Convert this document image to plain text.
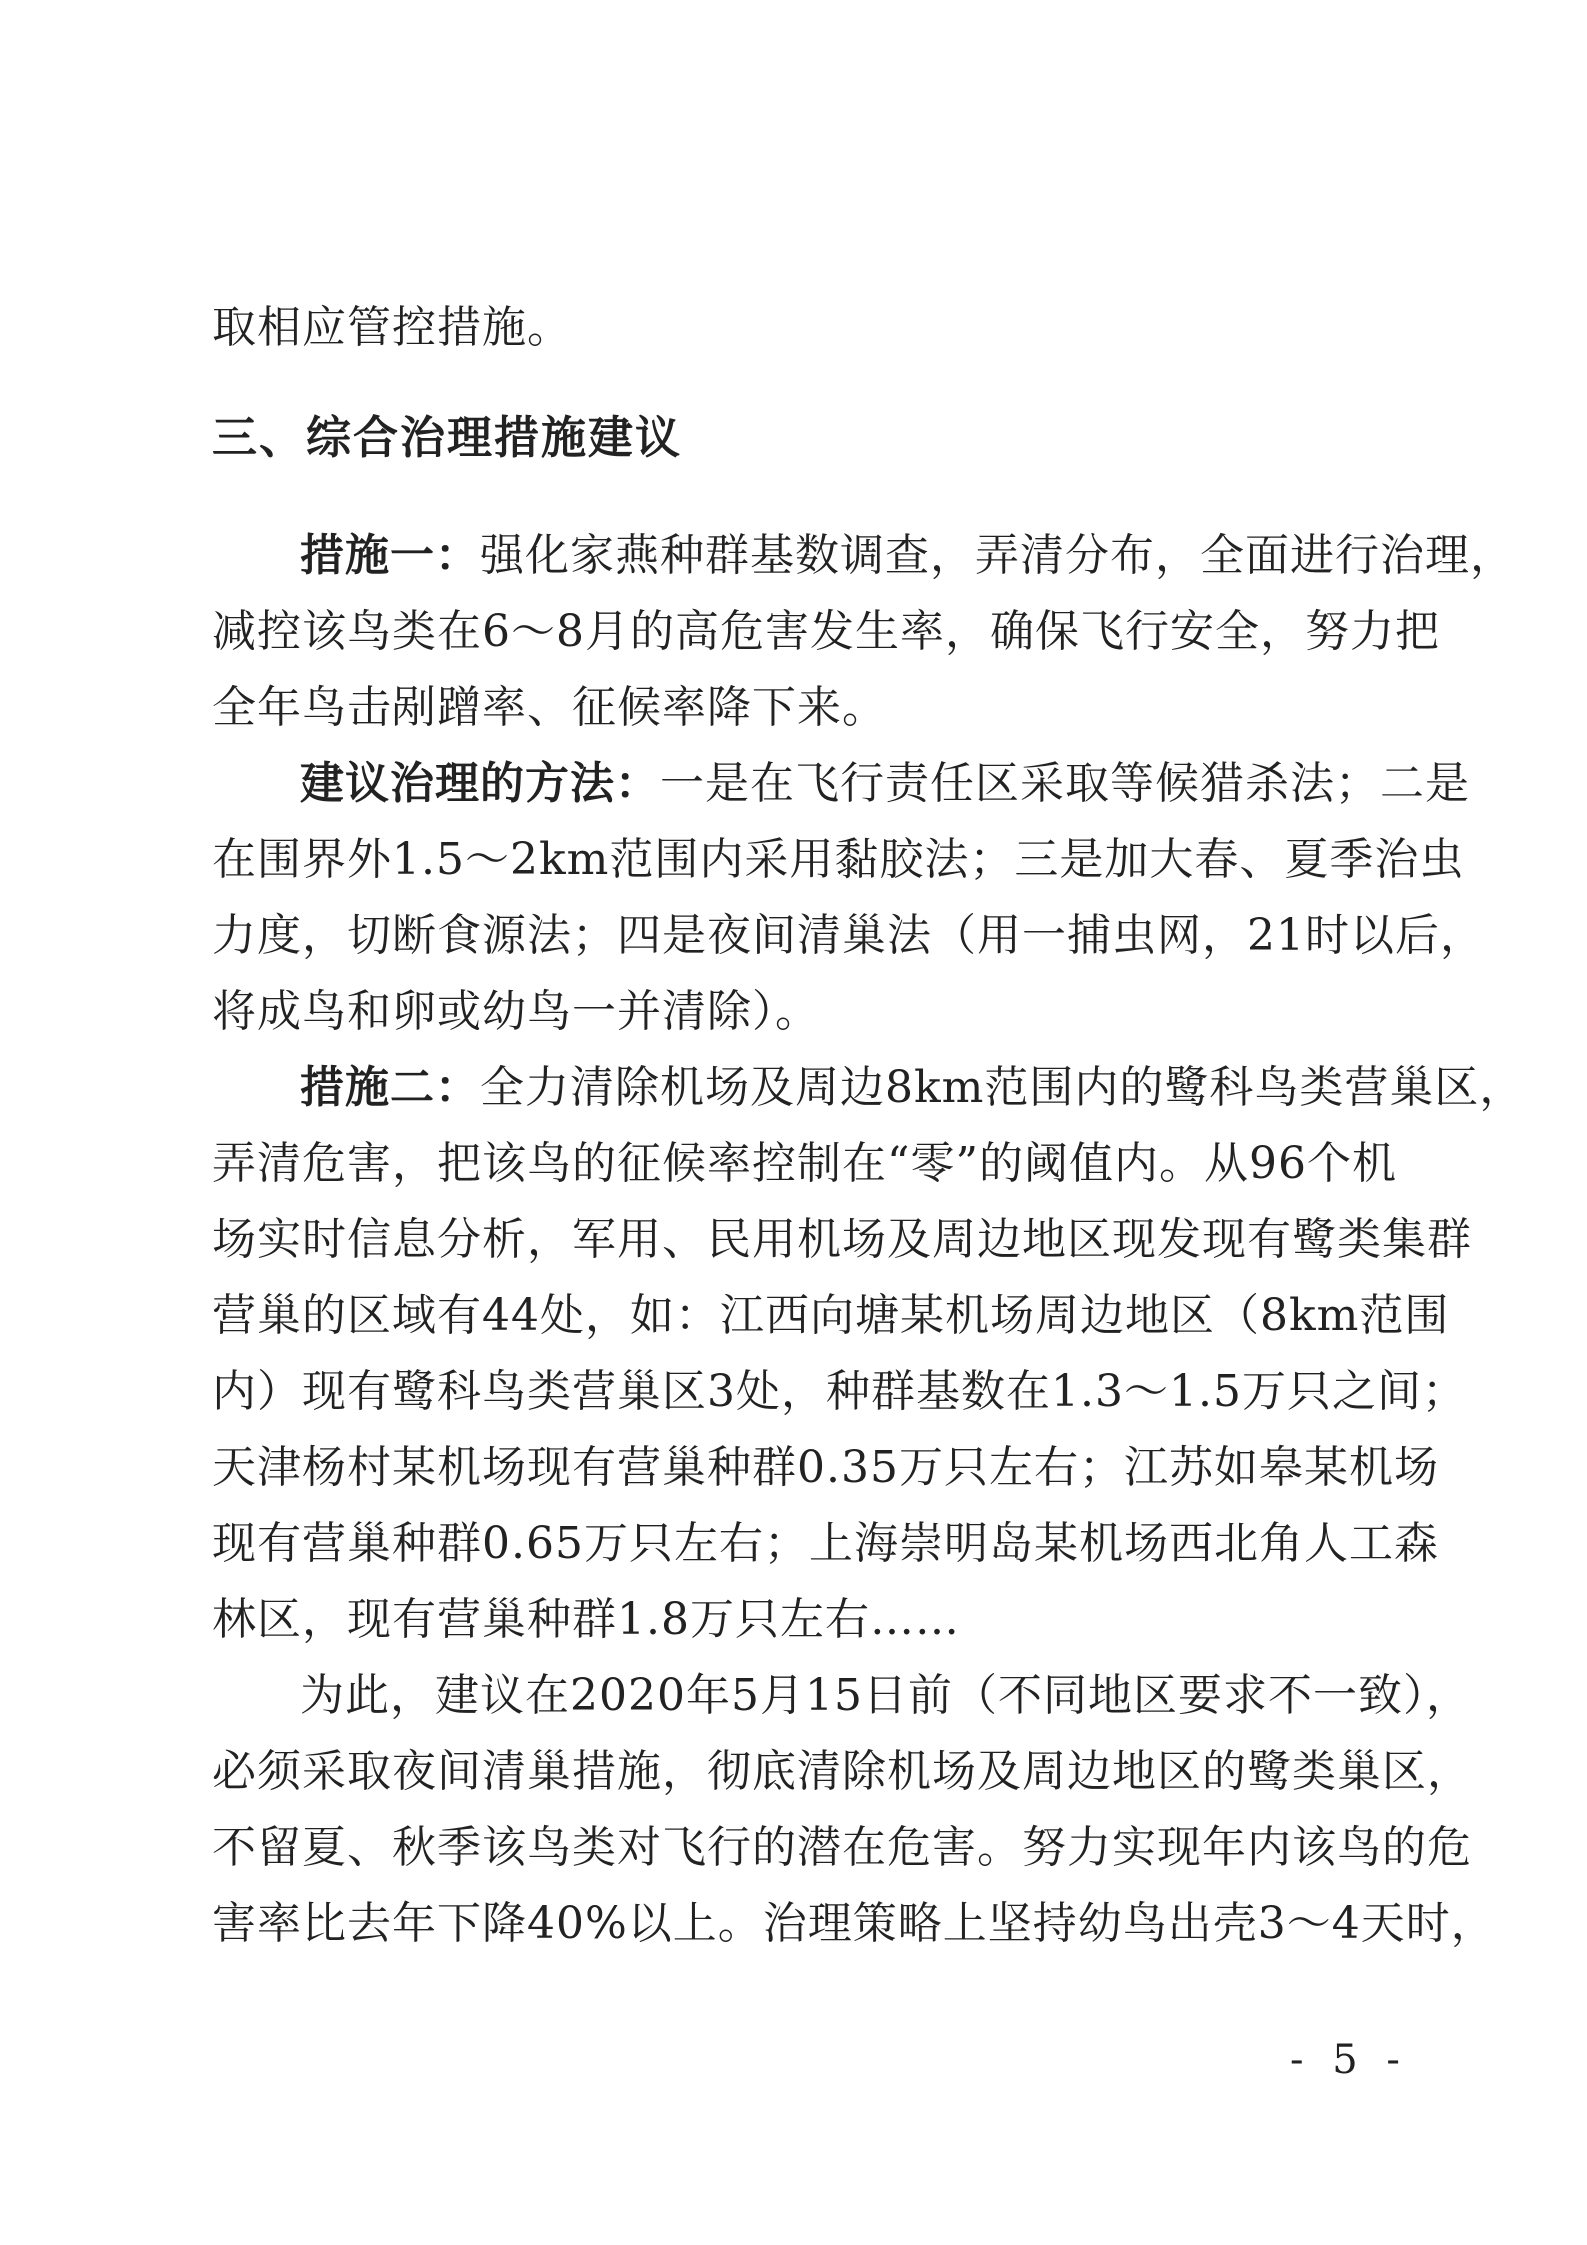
取相应管控措施。
三、综合治理措施建议
措施一：强化家燕种群基数调查，弄清分布，全面进行治理，
减控该鸟类在6～8月的高危害发生率，确保飞行安全，努力把
全年鸟击剐蹭率、征候率降下来。
建议治理的方法：一是在飞行责任区采取等候猎杀法；二是
在围界外1.5～2km范围内采用黏胶法；三是加大春、夏季治虫
力度，切断食源法；四是夜间清巢法（用一捕虫网，21时以后，
将成鸟和卵或幼鸟一并清除）。
措施二：全力清除机场及周边8km范围内的鹭科鸟类营巢区，
弄清危害，把该鸟的征候率控制在“零”的阈值内。从96个机
场实时信息分析，军用、民用机场及周边地区现发现有鹭类集群
营巢的区域有44处，如：江西向塘某机场周边地区（8km范围
内）现有鹭科鸟类营巢区3处，种群基数在1.3～1.5万只之间；
天津杨村某机场现有营巢种群0.35万只左右；江苏如皋某机场
现有营巢种群0.65万只左右；上海崇明岛某机场西北角人工森
林区，现有营巢种群1.8万只左右……
为此，建议在2020年5月15日前（不同地区要求不一致），
必须采取夜间清巢措施，彻底清除机场及周边地区的鹭类巢区，
不留夏、秋季该鸟类对飞行的潜在危害。努力实现年内该鸟的危
害率比去年下降40%以上。治理策略上坚持幼鸟出壳3～4天时，
- 5 -
